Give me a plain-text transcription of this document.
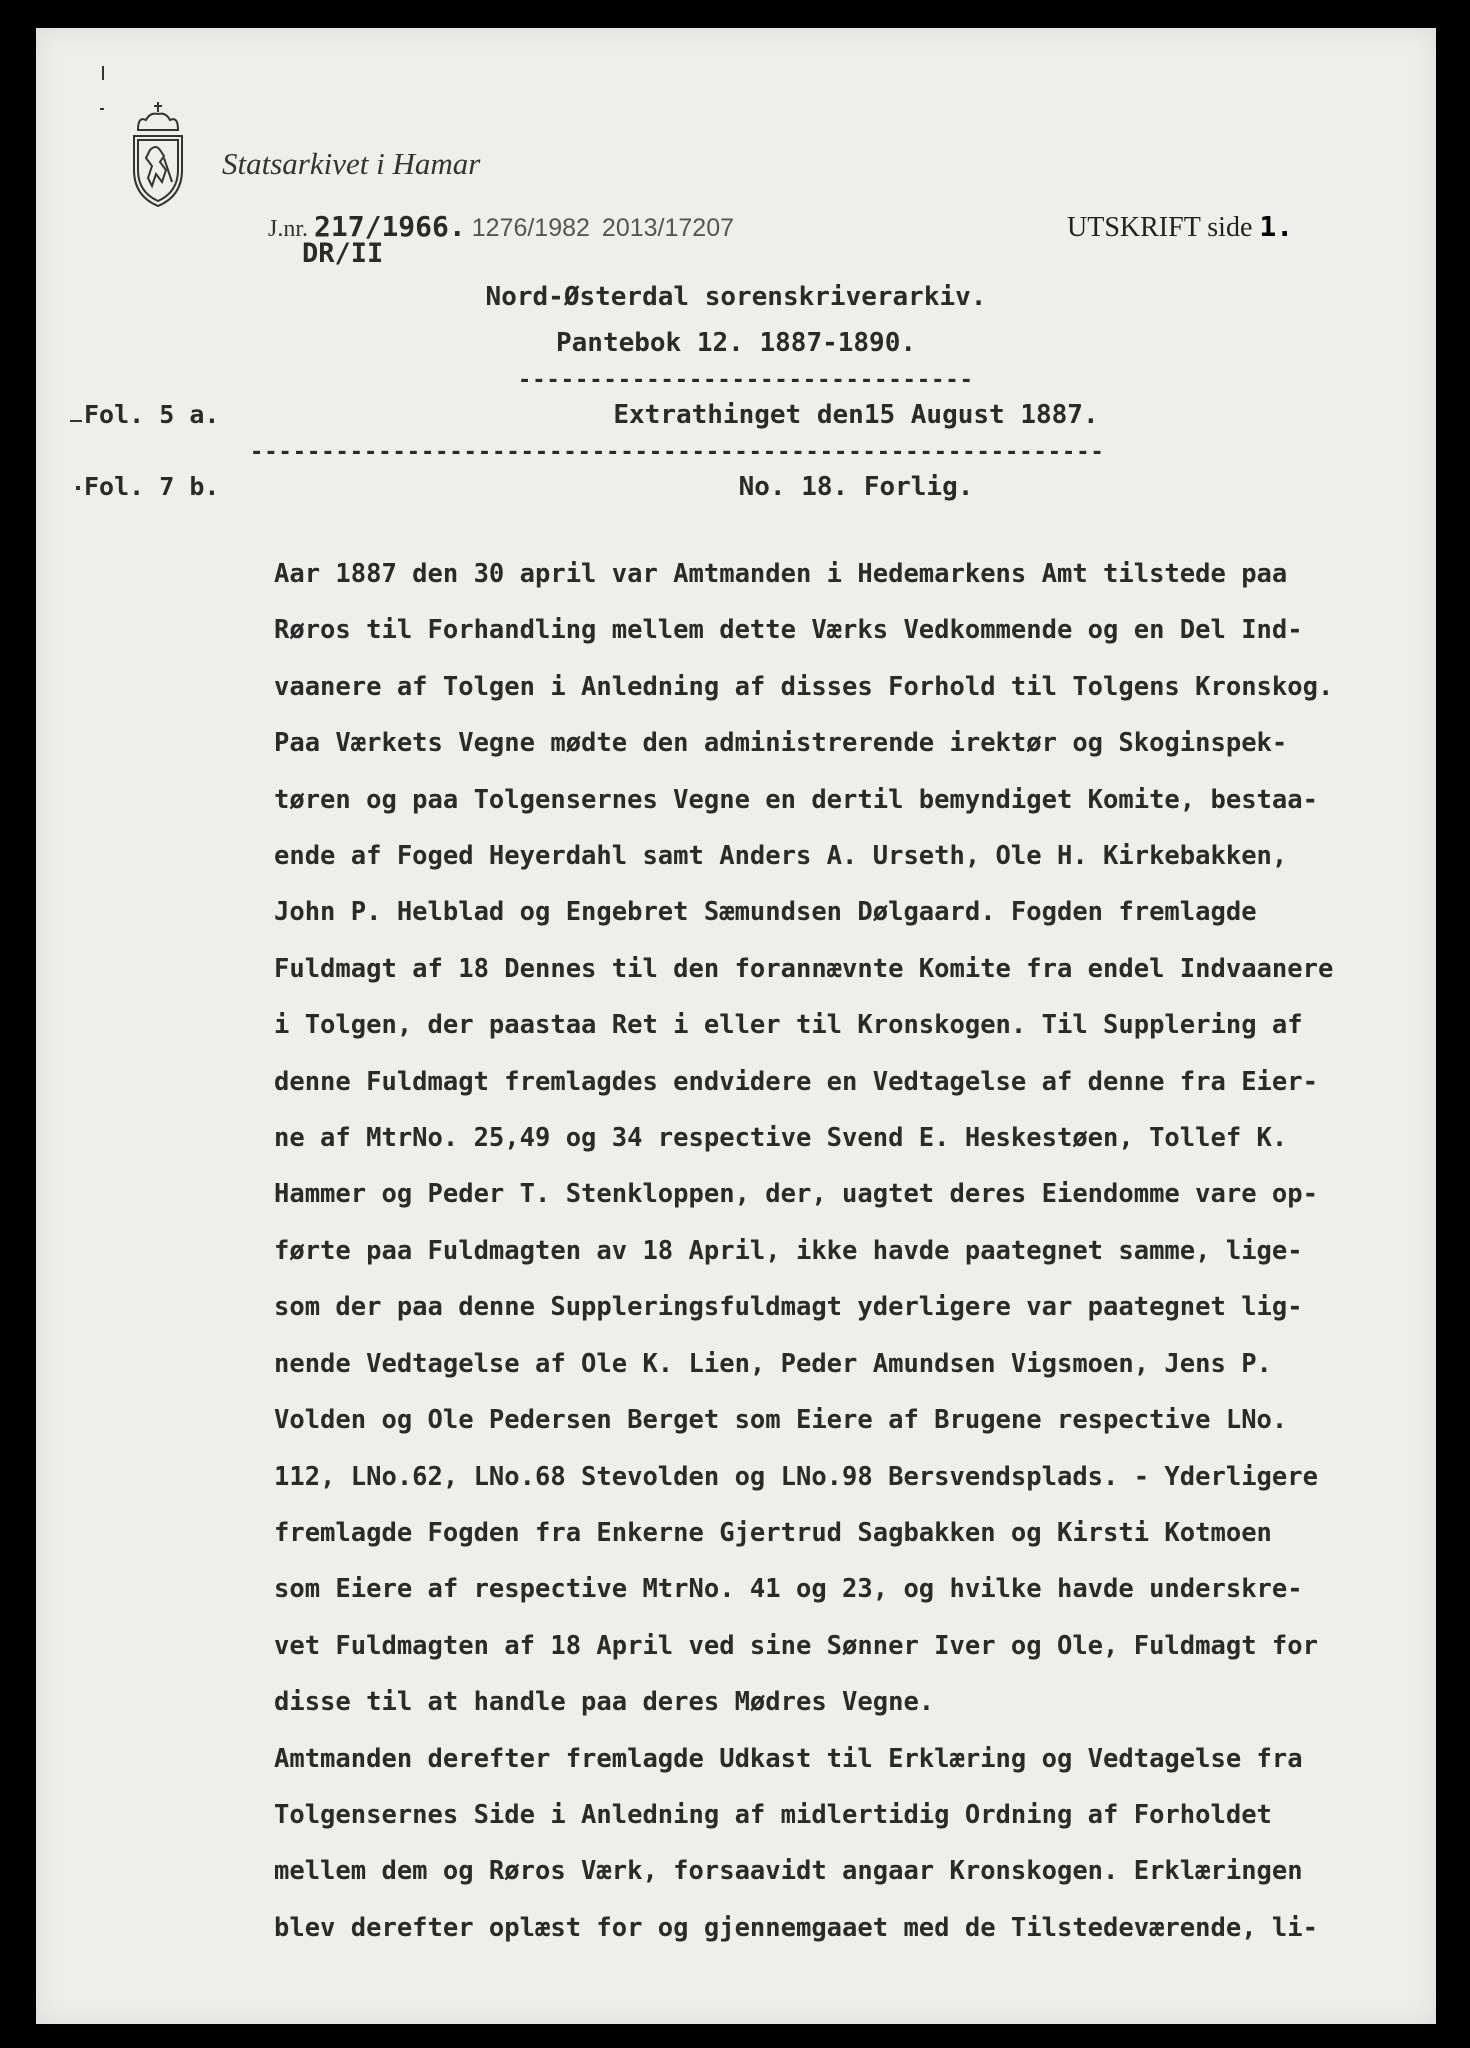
Statsarkivet i Hamar
J.nr. 217/1966. 1276/1982 2013/17207
DR/II
UTSKRIFT side 1.
Nord-Østerdal sorenskriverarkiv.
Pantebok 12. 1887-1890.
--------------------------------
Fol. 5 a.	Extrathinget den15 August 1887.
------------------------------------------------------------
Fol. 7 b.	No. 18. Forlig.
Aar 1887 den 30 april var Amtmanden i Hedemarkens Amt tilstede paa
Røros til Forhandling mellem dette Værks Vedkommende og en Del Ind-
vaanere af Tolgen i Anledning af disses Forhold til Tolgens Kronskog.
Paa Værkets Vegne mødte den administrerende irektør og Skoginspek-
tøren og paa Tolgensernes Vegne en dertil bemyndiget Komite, bestaa-
ende af Foged Heyerdahl samt Anders A. Urseth, Ole H. Kirkebakken,
John P. Helblad og Engebret Sæmundsen Dølgaard. Fogden fremlagde
Fuldmagt af 18 Dennes til den forannævnte Komite fra endel Indvaanere
i Tolgen, der paastaa Ret i eller til Kronskogen. Til Supplering af
denne Fuldmagt fremlagdes endvidere en Vedtagelse af denne fra Eier-
ne af MtrNo. 25,49 og 34 respective Svend E. Heskestøen, Tollef K.
Hammer og Peder T. Stenkloppen, der, uagtet deres Eiendomme vare op-
førte paa Fuldmagten av 18 April, ikke havde paategnet samme, lige-
som der paa denne Suppleringsfuldmagt yderligere var paategnet lig-
nende Vedtagelse af Ole K. Lien, Peder Amundsen Vigsmoen, Jens P.
Volden og Ole Pedersen Berget som Eiere af Brugene respective LNo.
112, LNo.62, LNo.68 Stevolden og LNo.98 Bersvendsplads. - Yderligere
fremlagde Fogden fra Enkerne Gjertrud Sagbakken og Kirsti Kotmoen
som Eiere af respective MtrNo. 41 og 23, og hvilke havde underskre-
vet Fuldmagten af 18 April ved sine Sønner Iver og Ole, Fuldmagt for
disse til at handle paa deres Mødres Vegne.
Amtmanden derefter fremlagde Udkast til Erklæring og Vedtagelse fra
Tolgensernes Side i Anledning af midlertidig Ordning af Forholdet
mellem dem og Røros Værk, forsaavidt angaar Kronskogen. Erklæringen
blev derefter oplæst for og gjennemgaaet med de Tilstedeværende, li-
